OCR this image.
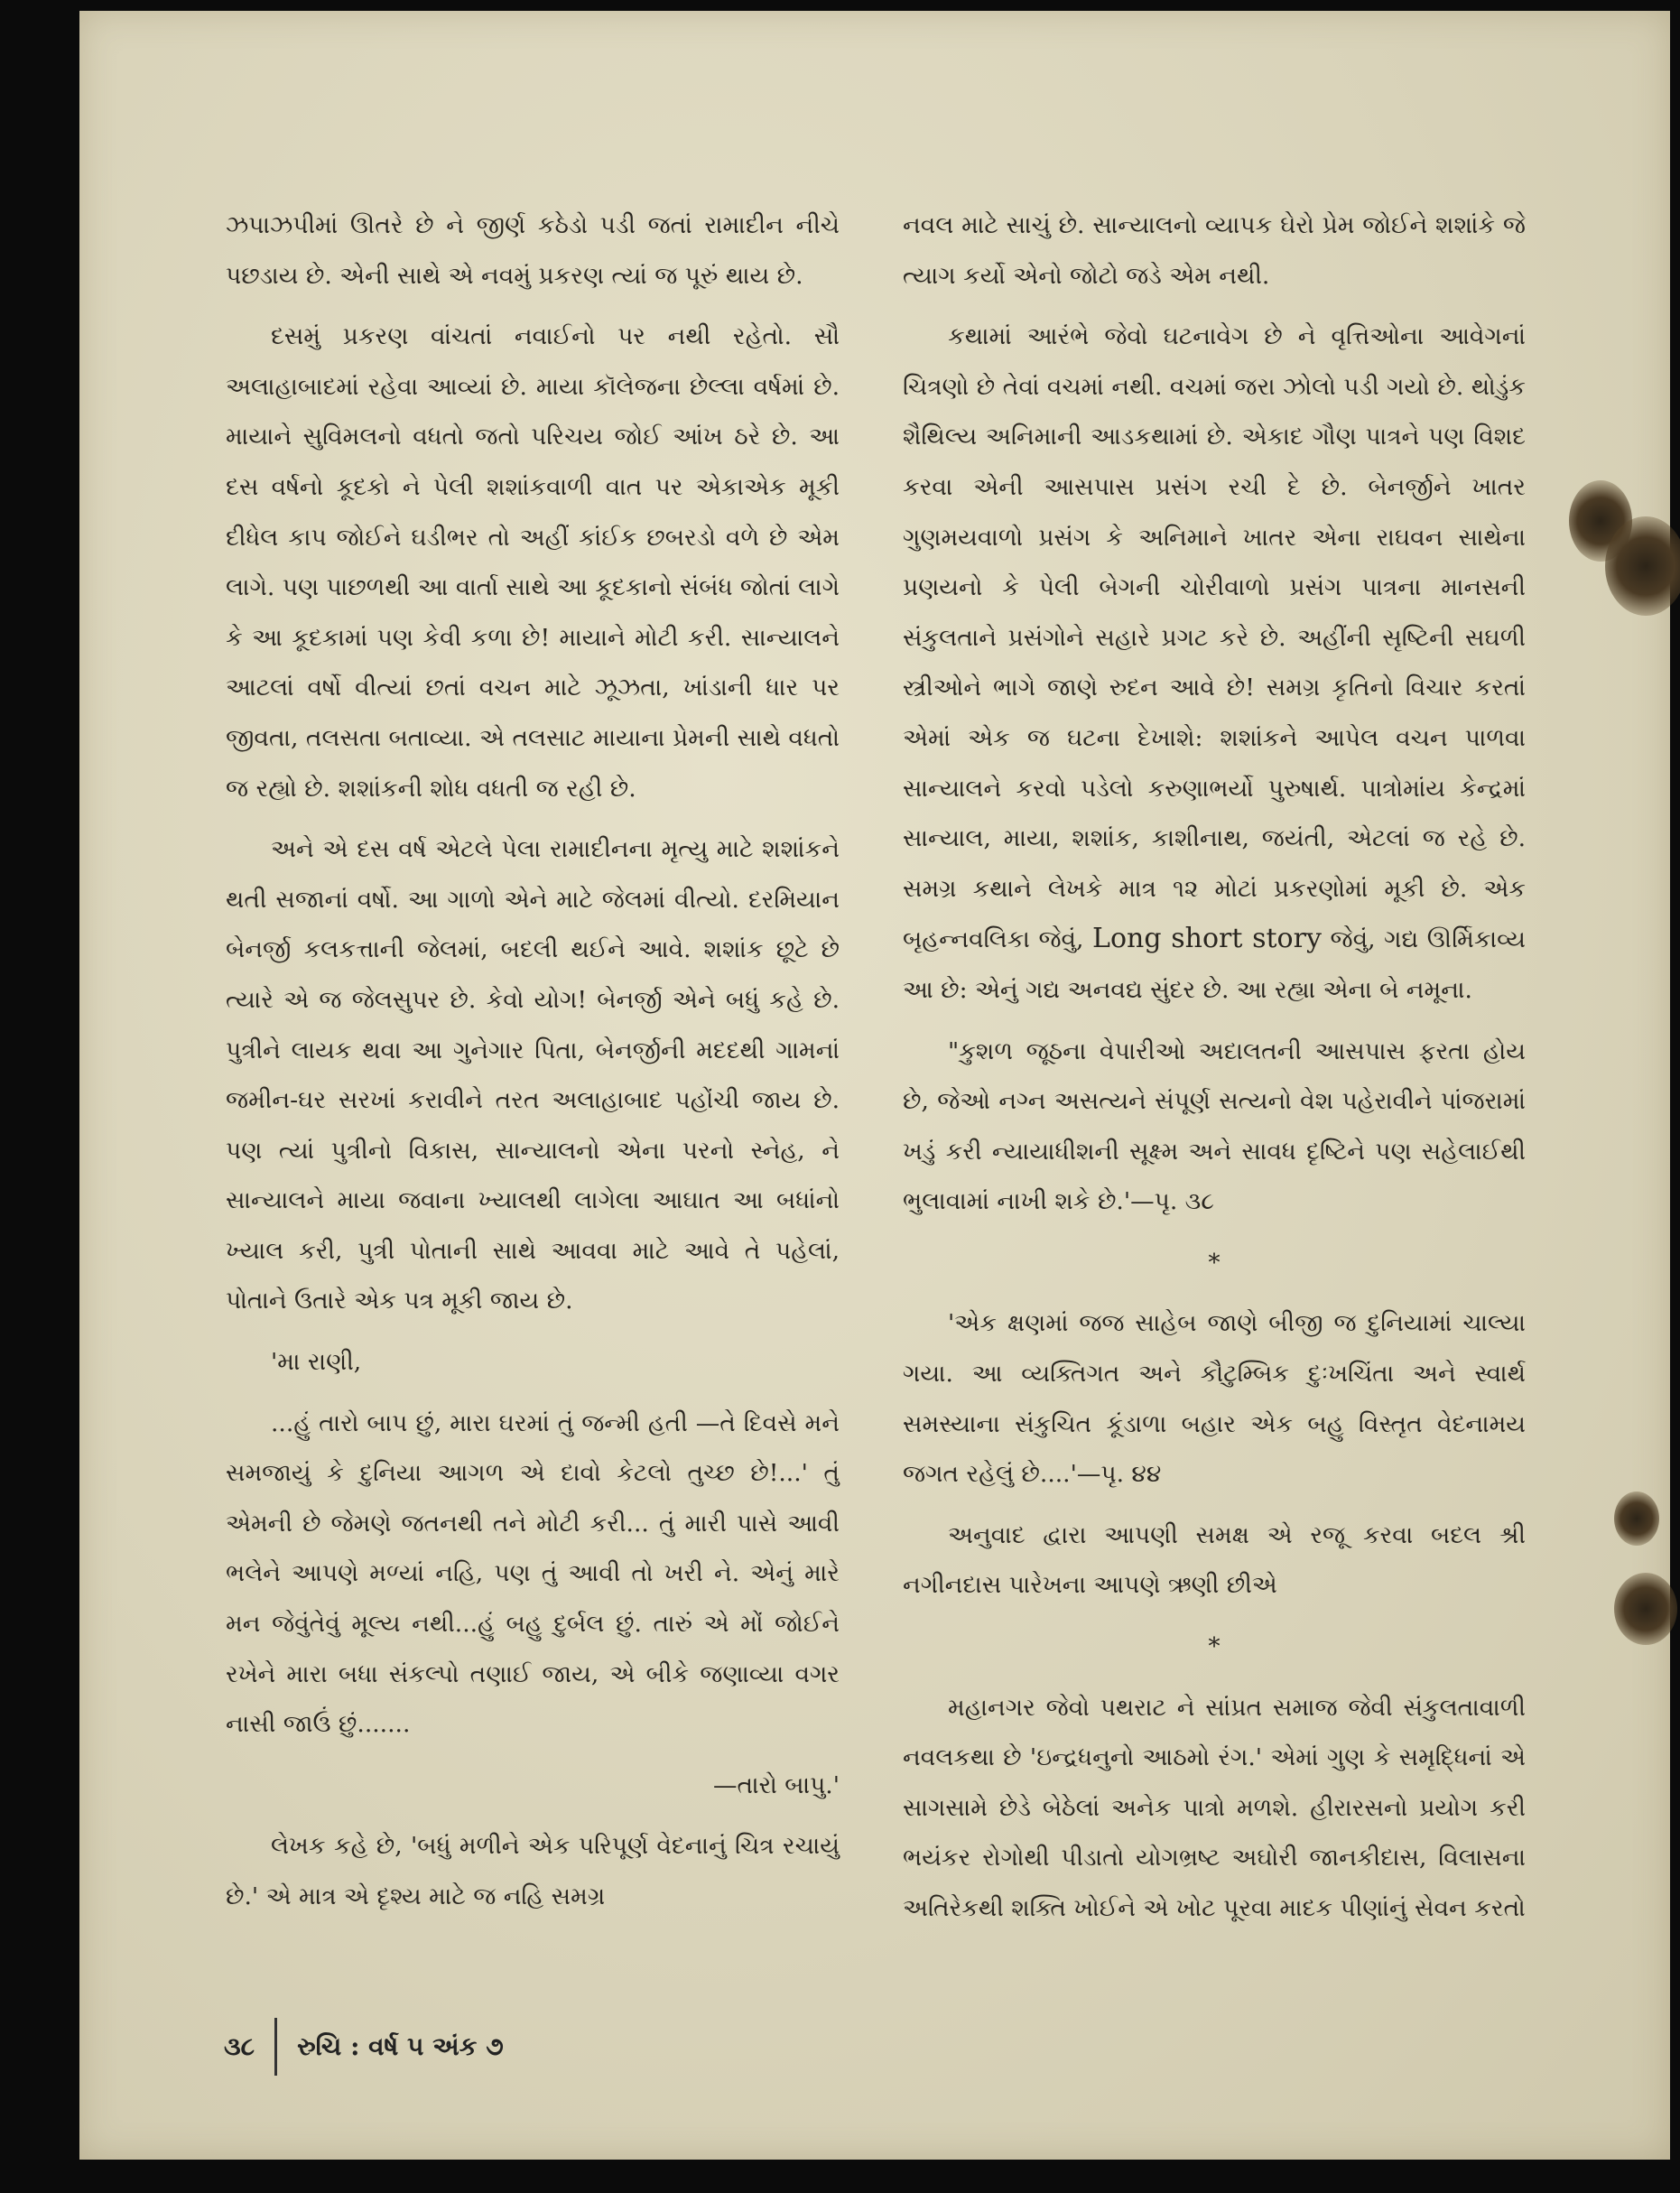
ઝપાઝપીમાં ઊતરે છે ને જીર્ણ કઠેડો પડી જતાં રામાદીન નીચે પછડાય છે. એની સાથે એ નવમું પ્રકરણ ત્યાં જ પૂરું થાય છે.

દસમું પ્રકરણ વાંચતાં નવાઈનો પર નથી રહેતો. સૌ અલાહાબાદમાં રહેવા આવ્યાં છે. માયા કૉલેજના છેલ્લા વર્ષમાં છે. માયાને સુવિમલનો વધતો જતો પરિચય જોઈ આંખ ઠરે છે. આ દસ વર્ષનો કૂદકો ને પેલી શશાંકવાળી વાત પર એકાએક મૂકી દીધેલ કાપ જોઈને ઘડીભર તો અહીં કાંઈક છબરડો વળે છે એમ લાગે. પણ પાછળથી આ વાર્તા સાથે આ કૂદકાનો સંબંધ જોતાં લાગે કે આ કૂદકામાં પણ કેવી કળા છે! માયાને મોટી કરી. સાન્યાલને આટલાં વર્ષો વીત્યાં છતાં વચન માટે ઝૂઝતા, ખાંડાની ધાર પર જીવતા, તલસતા બતાવ્યા. એ તલસાટ માયાના પ્રેમની સાથે વધતો જ રહ્યો છે. શશાંકની શોધ વધતી જ રહી છે.

અને એ દસ વર્ષ એટલે પેલા રામાદીનના મૃત્યુ માટે શશાંકને થતી સજાનાં વર્ષો. આ ગાળો એને માટે જેલમાં વીત્યો. દરમિયાન બેનર્જી કલકત્તાની જેલમાં, બદલી થઈને આવે. શશાંક છૂટે છે ત્યારે એ જ જેલસુપર છે. કેવો યોગ! બેનર્જી એને બધું કહે છે. પુત્રીને લાયક થવા આ ગુનેગાર પિતા, બેનર્જીની મદદથી ગામનાં જમીન-ઘર સરખાં કરાવીને તરત અલાહાબાદ પહોંચી જાય છે. પણ ત્યાં પુત્રીનો વિકાસ, સાન્યાલનો એના પરનો સ્નેહ, ને સાન્યાલને માયા જવાના ખ્યાલથી લાગેલા આઘાત આ બધાંનો ખ્યાલ કરી, પુત્રી પોતાની સાથે આવવા માટે આવે તે પહેલાં, પોતાને ઉતારે એક પત્ર મૂકી જાય છે.

'મા રાણી,

...હું તારો બાપ છું, મારા ઘરમાં તું જન્મી હતી —તે દિવસે મને સમજાયું કે દુનિયા આગળ એ દાવો કેટલો તુચ્છ છે!...' તું એમની છે જેમણે જતનથી તને મોટી કરી... તું મારી પાસે આવી ભલેને આપણે મળ્યાં નહિ, પણ તું આવી તો ખરી ને. એનું મારે મન જેવુંતેવું મૂલ્ય નથી...હું બહુ દુર્બલ છું. તારું એ મોં જોઈને રખેને મારા બધા સંકલ્પો તણાઈ જાય, એ બીકે જણાવ્યા વગર નાસી જાઉં છું.......

—તારો બાપુ.'

લેખક કહે છે, 'બધું મળીને એક પરિપૂર્ણ વેદનાનું ચિત્ર રચાયું છે.' એ માત્ર એ દૃશ્ય માટે જ નહિ સમગ્ર

નવલ માટે સાચું છે. સાન્યાલનો વ્યાપક ઘેરો પ્રેમ જોઈને શશાંકે જે ત્યાગ કર્યો એનો જોટો જડે એમ નથી.

કથામાં આરંભે જેવો ઘટનાવેગ છે ને વૃત્તિઓના આવેગનાં ચિત્રણો છે તેવાં વચમાં નથી. વચમાં જરા ઝોલો પડી ગયો છે. થોડુંક શૈથિલ્ય અનિમાની આડકથામાં છે. એકાદ ગૌણ પાત્રને પણ વિશદ કરવા એની આસપાસ પ્રસંગ રચી દે છે. બેનર્જીને ખાતર ગુણમયવાળો પ્રસંગ કે અનિમાને ખાતર એના રાઘવન સાથેના પ્રણયનો કે પેલી બેગની ચોરીવાળો પ્રસંગ પાત્રના માનસની સંકુલતાને પ્રસંગોને સહારે પ્રગટ કરે છે. અહીંની સૃષ્ટિની સઘળી સ્ત્રીઓને ભાગે જાણે રુદન આવે છે! સમગ્ર કૃતિનો વિચાર કરતાં એમાં એક જ ઘટના દેખાશે: શશાંકને આપેલ વચન પાળવા સાન્યાલને કરવો પડેલો કરુણાભર્યો પુરુષાર્થ. પાત્રોમાંય કેન્દ્રમાં સાન્યાલ, માયા, શશાંક, કાશીનાથ, જયંતી, એટલાં જ રહે છે. સમગ્ર કથાને લેખકે માત્ર ૧૨ મોટાં પ્રકરણોમાં મૂકી છે. એક બૃહન્નવલિકા જેવું, Long short story જેવું, ગદ્ય ઊર્મિકાવ્ય આ છે: એનું ગદ્ય અનવદ્ય સુંદર છે. આ રહ્યા એના બે નમૂના.

"કુશળ જૂઠના વેપારીઓ અદાલતની આસપાસ ફરતા હોય છે, જેઓ નગ્ન અસત્યને સંપૂર્ણ સત્યનો વેશ પહેરાવીને પાંજરામાં ખડું કરી ન્યાયાધીશની સૂક્ષ્મ અને સાવધ દૃષ્ટિને પણ સહેલાઈથી ભુલાવામાં નાખી શકે છે.'—પૃ. ૩૮

*

'એક ક્ષણમાં જજ સાહેબ જાણે બીજી જ દુનિયામાં ચાલ્યા ગયા. આ વ્યક્તિગત અને કૌટુમ્બિક દુઃખચિંતા અને સ્વાર્થ સમસ્યાના સંકુચિત કૂંડાળા બહાર એક બહુ વિસ્તૃત વેદનામય જગત રહેલું છે....'—પૃ. ૪૪

અનુવાદ દ્વારા આપણી સમક્ષ એ રજૂ કરવા બદલ શ્રી નગીનદાસ પારેખના આપણે ઋણી છીએ

*

મહાનગર જેવો પથરાટ ને સાંપ્રત સમાજ જેવી સંકુલતાવાળી નવલકથા છે 'ઇન્દ્રધનુનો આઠમો રંગ.' એમાં ગુણ કે સમૃદ્ધિનાં એ સાગસામે છેડે બેઠેલાં અનેક પાત્રો મળશે. હીરારસનો પ્રયોગ કરી ભયંકર રોગોથી પીડાતો યોગભ્રષ્ટ અઘોરી જાનકીદાસ, વિલાસના અતિરેકથી શક્તિ ખોઈને એ ખોટ પૂરવા માદક પીણાંનું સેવન કરતો

૩૮ રુચિ : વર્ષ ૫ અંક ૭
